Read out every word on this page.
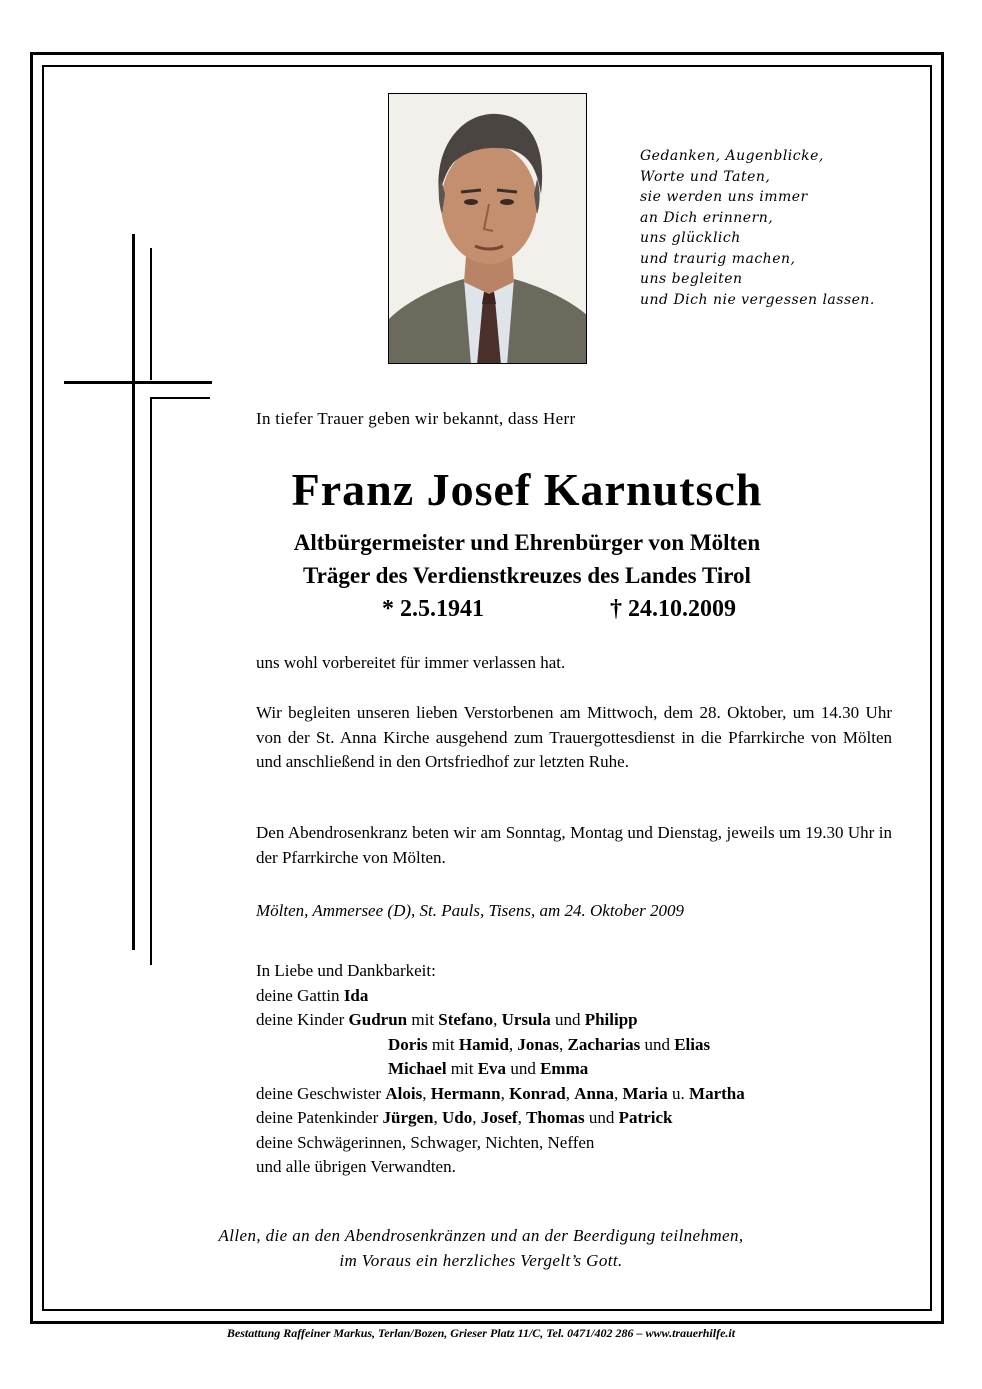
Gedanken, Augenblicke,
Worte und Taten,
sie werden uns immer
an Dich erinnern,
uns glücklich
und traurig machen,
uns begleiten
und Dich nie vergessen lassen.
In tiefer Trauer geben wir bekannt, dass Herr
Franz Josef Karnutsch
Altbürgermeister und Ehrenbürger von Mölten
Träger des Verdienstkreuzes des Landes Tirol
* 2.5.1941	† 24.10.2009
uns wohl vorbereitet für immer verlassen hat.
Wir begleiten unseren lieben Verstorbenen am Mittwoch, dem 28. Oktober, um 14.30 Uhr von der St. Anna Kirche ausgehend zum Trauergottesdienst in die Pfarrkirche von Mölten und anschließend in den Ortsfriedhof zur letzten Ruhe.
Den Abendrosenkranz beten wir am Sonntag, Montag und Dienstag, jeweils um 19.30 Uhr in der Pfarrkirche von Mölten.
Mölten, Ammersee (D), St. Pauls, Tisens, am 24. Oktober 2009
In Liebe und Dankbarkeit:
deine Gattin Ida
deine Kinder Gudrun mit Stefano, Ursula und Philipp
Doris mit Hamid, Jonas, Zacharias und Elias
Michael mit Eva und Emma
deine Geschwister Alois, Hermann, Konrad, Anna, Maria u. Martha
deine Patenkinder Jürgen, Udo, Josef, Thomas und Patrick
deine Schwägerinnen, Schwager, Nichten, Neffen
und alle übrigen Verwandten.
Allen, die an den Abendrosenkränzen und an der Beerdigung teilnehmen,
im Voraus ein herzliches Vergelt’s Gott.
Bestattung Raffeiner Markus, Terlan/Bozen, Grieser Platz 11/C, Tel. 0471/402 286 – www.trauerhilfe.it
